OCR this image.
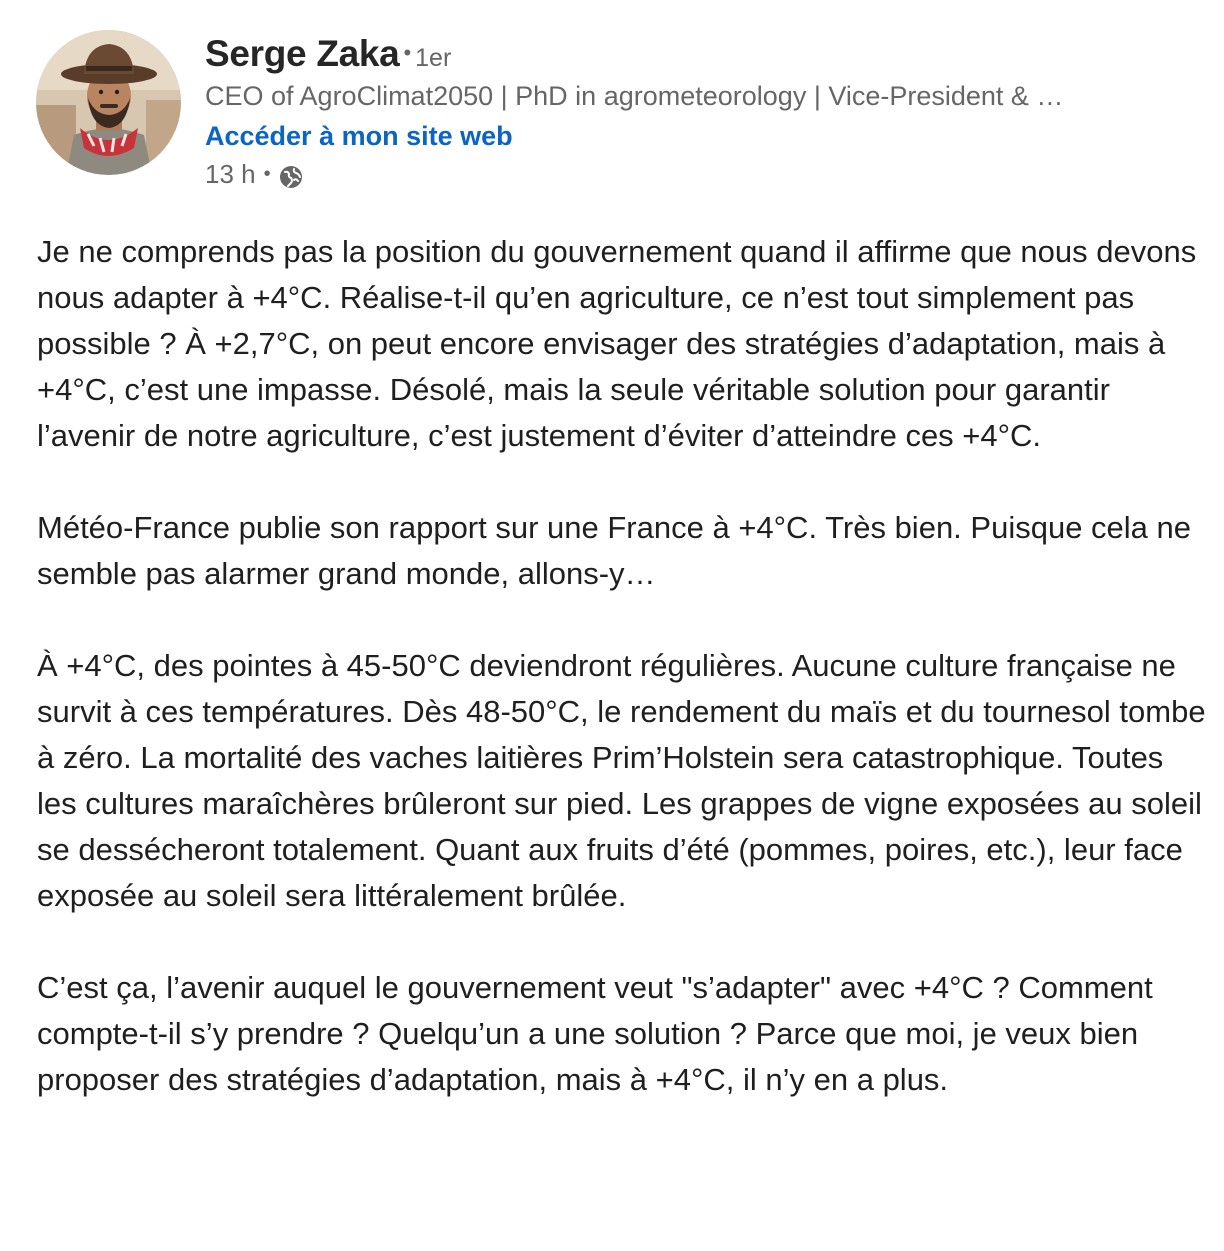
Serge Zaka • 1er
CEO of AgroClimat2050 | PhD in agrometeorology | Vice-President & …
Accéder à mon site web
13 h •

Je ne comprends pas la position du gouvernement quand il affirme que nous devons nous adapter à +4°C. Réalise-t-il qu’en agriculture, ce n’est tout simplement pas possible ? À +2,7°C, on peut encore envisager des stratégies d’adaptation, mais à +4°C, c’est une impasse. Désolé, mais la seule véritable solution pour garantir l’avenir de notre agriculture, c’est justement d’éviter d’atteindre ces +4°C.

Météo-France publie son rapport sur une France à +4°C. Très bien. Puisque cela ne semble pas alarmer grand monde, allons-y…

À +4°C, des pointes à 45-50°C deviendront régulières. Aucune culture française ne survit à ces températures. Dès 48-50°C, le rendement du maïs et du tournesol tombe à zéro. La mortalité des vaches laitières Prim’Holstein sera catastrophique. Toutes les cultures maraîchères brûleront sur pied. Les grappes de vigne exposées au soleil se dessécheront totalement. Quant aux fruits d’été (pommes, poires, etc.), leur face exposée au soleil sera littéralement brûlée.

C’est ça, l’avenir auquel le gouvernement veut "s’adapter" avec +4°C ? Comment compte-t-il s’y prendre ? Quelqu’un a une solution ? Parce que moi, je veux bien proposer des stratégies d’adaptation, mais à +4°C, il n’y en a plus.
